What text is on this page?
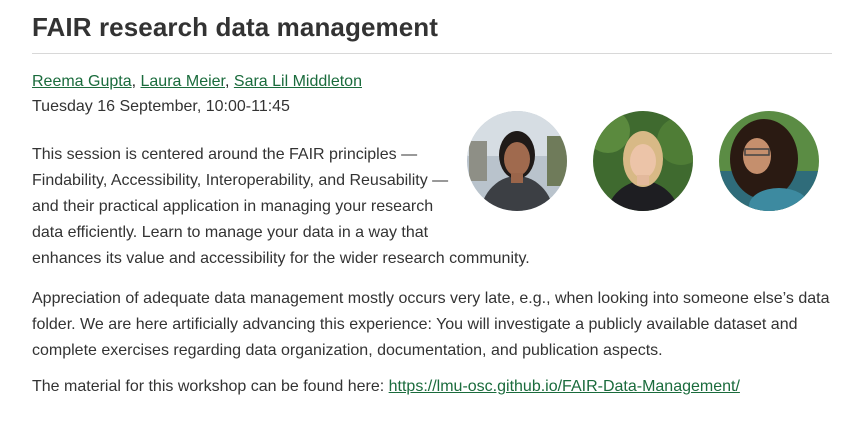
FAIR research data management
Reema Gupta, Laura Meier, Sara Lil Middleton
Tuesday 16 September, 10:00-11:45

This session is centered around the FAIR principles —
Findability, Accessibility, Interoperability, and Reusability —
and their practical application in managing your research
data efficiently. Learn to manage your data in a way that
enhances its value and accessibility for the wider research community.

Appreciation of adequate data management mostly occurs very late, e.g., when looking into someone else’s data
folder. We are here artificially advancing this experience: You will investigate a publicly available dataset and
complete exercises regarding data organization, documentation, and publication aspects.

The material for this workshop can be found here: https://lmu-osc.github.io/FAIR-Data-Management/
